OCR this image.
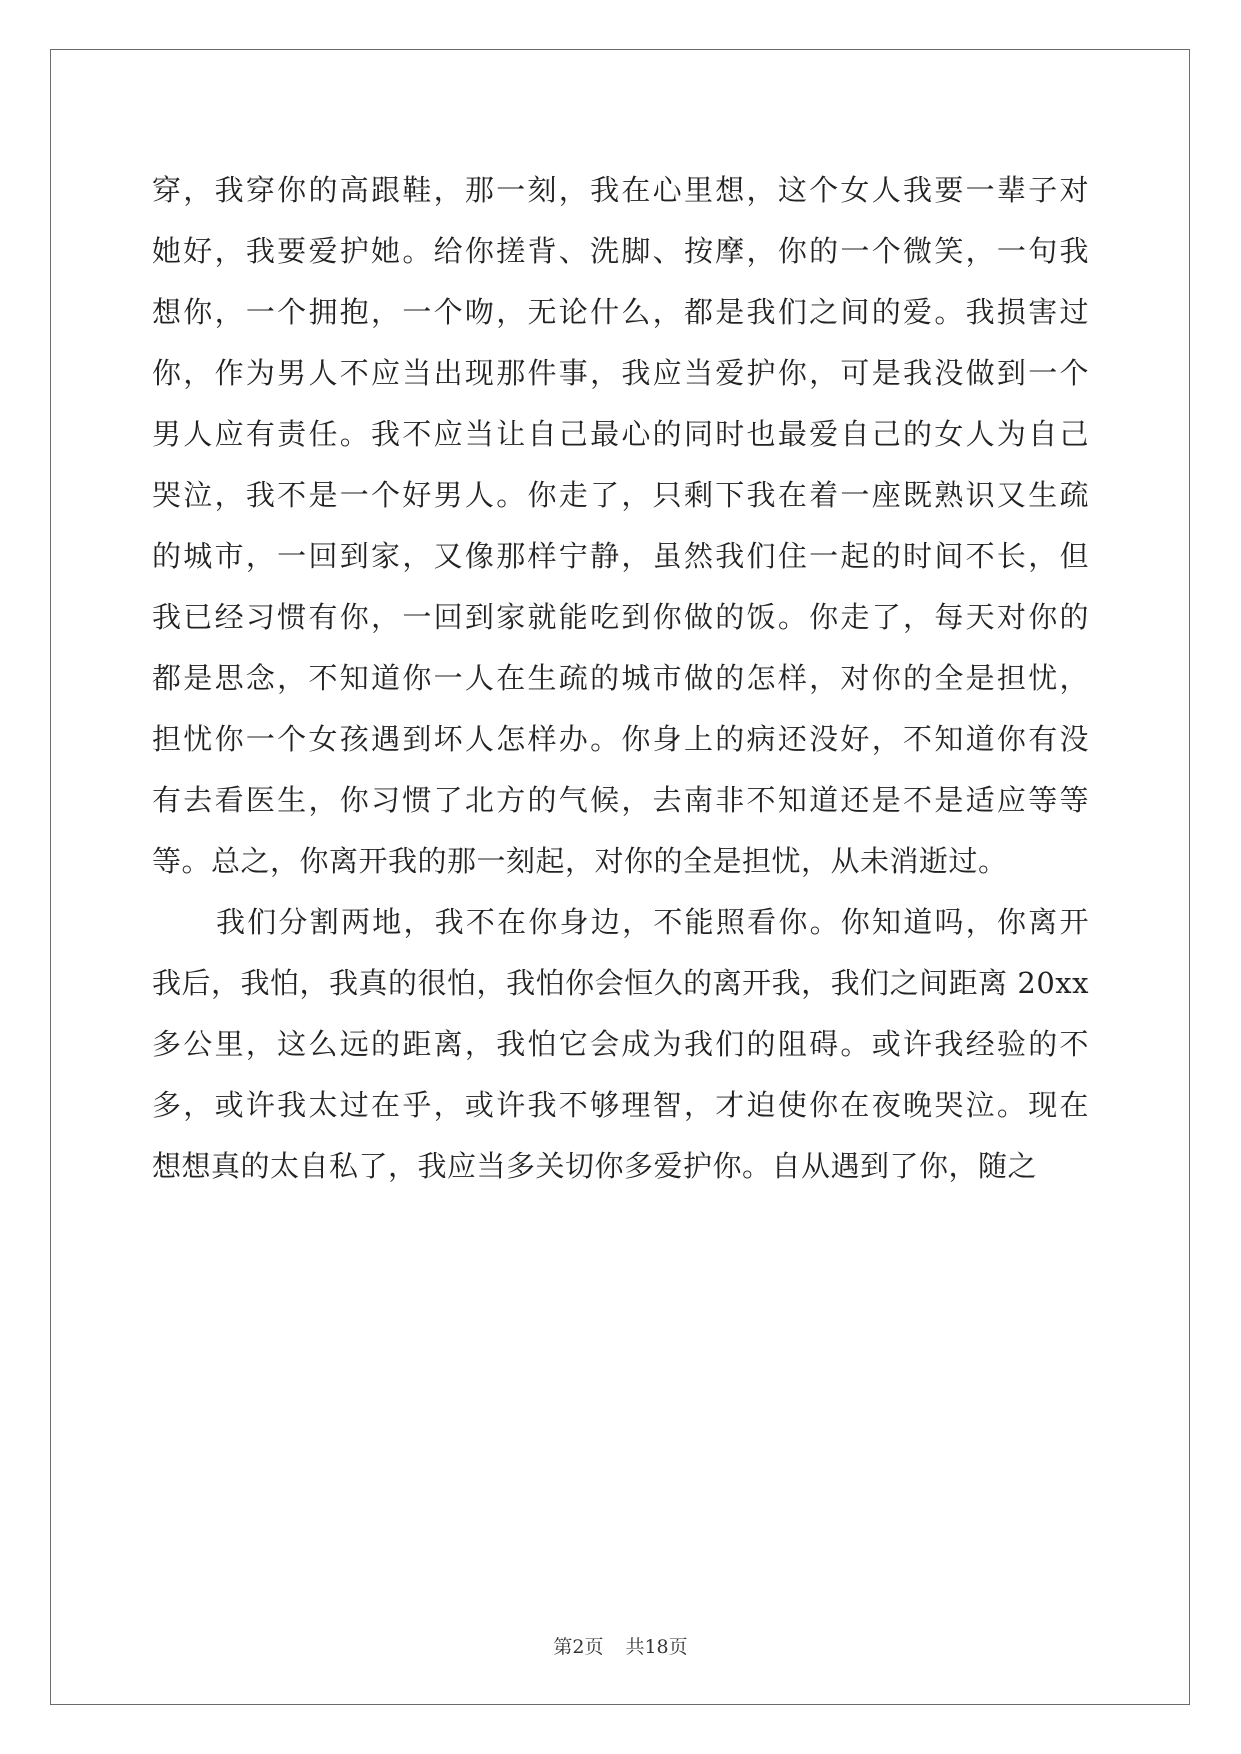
穿，我穿你的高跟鞋，那一刻，我在心里想，这个女人我要一辈子对
她好，我要爱护她。给你搓背、洗脚、按摩，你的一个微笑，一句我
想你，一个拥抱，一个吻，无论什么，都是我们之间的爱。我损害过
你，作为男人不应当出现那件事，我应当爱护你，可是我没做到一个
男人应有责任。我不应当让自己最心的同时也最爱自己的女人为自己
哭泣，我不是一个好男人。你走了，只剩下我在着一座既熟识又生疏
的城市，一回到家，又像那样宁静，虽然我们住一起的时间不长，但
我已经习惯有你，一回到家就能吃到你做的饭。你走了，每天对你的
都是思念，不知道你一人在生疏的城市做的怎样，对你的全是担忧，
担忧你一个女孩遇到坏人怎样办。你身上的病还没好，不知道你有没
有去看医生，你习惯了北方的气候，去南非不知道还是不是适应等等
等。总之，你离开我的那一刻起，对你的全是担忧，从未消逝过。
我们分割两地，我不在你身边，不能照看你。你知道吗，你离开
我后，我怕，我真的很怕，我怕你会恒久的离开我，我们之间距离 20xx
多公里，这么远的距离，我怕它会成为我们的阻碍。或许我经验的不
多，或许我太过在乎，或许我不够理智，才迫使你在夜晚哭泣。现在
想想真的太自私了，我应当多关切你多爱护你。自从遇到了你，随之
第2页 共18页
